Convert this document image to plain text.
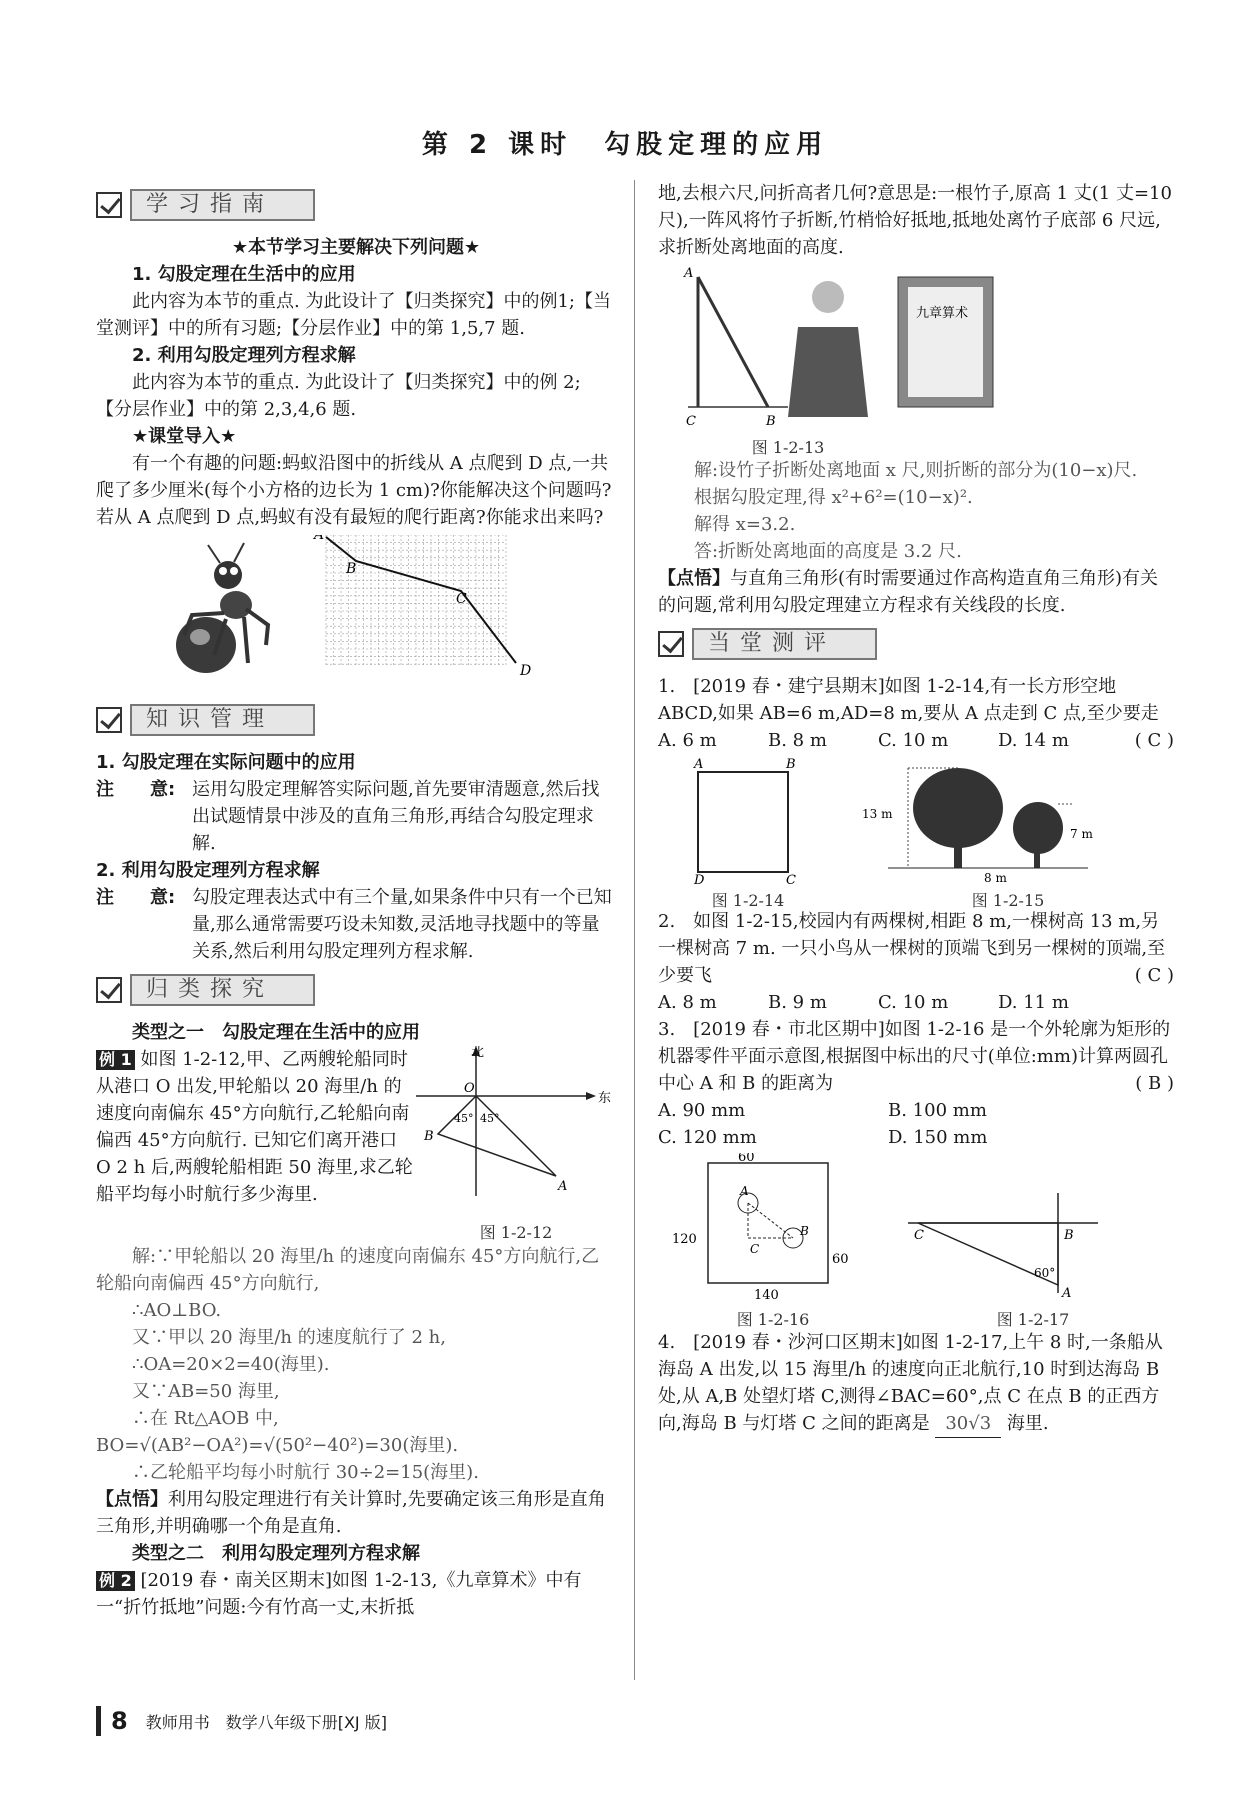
第 2 课时　勾股定理的应用
学习指南

★本节学习主要解决下列问题★

1. 勾股定理在生活中的应用

此内容为本节的重点. 为此设计了【归类探究】中的例1;【当堂测评】中的所有习题;【分层作业】中的第 1,5,7 题.

2. 利用勾股定理列方程求解

此内容为本节的重点. 为此设计了【归类探究】中的例 2;【分层作业】中的第 2,3,4,6 题.

★课堂导入★

有一个有趣的问题:蚂蚁沿图中的折线从 A 点爬到 D 点,一共爬了多少厘米(每个小方格的边长为 1 cm)?你能解决这个问题吗?若从 A 点爬到 D 点,蚂蚁有没有最短的爬行距离?你能求出来吗?

A
B
C
D
知识管理

1. 勾股定理在实际问题中的应用

注　　意: 运用勾股定理解答实际问题,首先要审清题意,然后找出试题情景中涉及的直角三角形,再结合勾股定理求解.

2. 利用勾股定理列方程求解

注　　意: 勾股定理表达式中有三个量,如果条件中只有一个已知量,那么通常需要巧设未知数,灵活地寻找题中的等量关系,然后利用勾股定理列方程求解.
归类探究

类型之一　勾股定理在生活中的应用

例 1 如图 1-2-12,甲、乙两艘轮船同时从港口 O 出发,甲轮船以 20 海里/h 的速度向南偏东 45°方向航行,乙轮船向南偏西 45°方向航行. 已知它们离开港口 O 2 h 后,两艘轮船相距 50 海里,求乙轮船平均每小时航行多少海里.

北
东
O
A
B
45° 45°
图 1-2-12

解:∵甲轮船以 20 海里/h 的速度向南偏东 45°方向航行,乙轮船向南偏西 45°方向航行,

∴AO⊥BO.

又∵甲以 20 海里/h 的速度航行了 2 h,

∴OA=20×2=40(海里).

又∵AB=50 海里,

∴在 Rt△AOB 中,

BO=√(AB²−OA²)=√(50²−40²)=30(海里).

∴乙轮船平均每小时航行 30÷2=15(海里).

【点悟】利用勾股定理进行有关计算时,先要确定该三角形是直角三角形,并明确哪一个角是直角.

类型之二　利用勾股定理列方程求解

例 2 [2019 春・南关区期末]如图 1-2-13,《九章算术》中有一“折竹抵地”问题:今有竹高一丈,末折抵

地,去根六尺,问折高者几何?意思是:一根竹子,原高 1 丈(1 丈=10 尺),一阵风将竹子折断,竹梢恰好抵地,抵地处离竹子底部 6 尺远,求折断处离地面的高度.

A
C	B
九章算术
图 1-2-13

解:设竹子折断处离地面 x 尺,则折断的部分为(10−x)尺.

根据勾股定理,得 x²+6²=(10−x)².

解得 x=3.2.

答:折断处离地面的高度是 3.2 尺.

【点悟】与直角三角形(有时需要通过作高构造直角三角形)有关的问题,常利用勾股定理建立方程求有关线段的长度.

当堂测评

1.　[2019 春・建宁县期末]如图 1-2-14,有一长方形空地 ABCD,如果 AB=6 m,AD=8 m,要从 A 点走到 C 点,至少要走
( C )

A. 6 m	B. 8 m	C. 10 m	D. 14 m
A	B
D	C
图 1-2-14
13 m
7 m
8 m
图 1-2-15

2.　如图 1-2-15,校园内有两棵树,相距 8 m,一棵树高 13 m,另一棵树高 7 m. 一只小鸟从一棵树的顶端飞到另一棵树的顶端,至少要飞	( C )

A. 8 m	B. 9 m	C. 10 m	D. 11 m

3.　[2019 春・市北区期中]如图 1-2-16 是一个外轮廓为矩形的机器零件平面示意图,根据图中标出的尺寸(单位:mm)计算两圆孔中心 A 和 B 的距离为	( B )

A. 90 mm	B. 100 mm
C. 120 mm	D. 150 mm
60
120
60
140
A
B
C
图 1-2-16
C	B
A
60°
图 1-2-17

4.　[2019 春・沙河口区期末]如图 1-2-17,上午 8 时,一条船从海岛 A 出发,以 15 海里/h 的速度向正北航行,10 时到达海岛 B 处,从 A,B 处望灯塔 C,测得∠BAC=60°,点 C 在点 B 的正西方向,海岛 B 与灯塔 C 之间的距离是 30√3 海里.

8 教师用书　数学八年级下册[XJ 版]
